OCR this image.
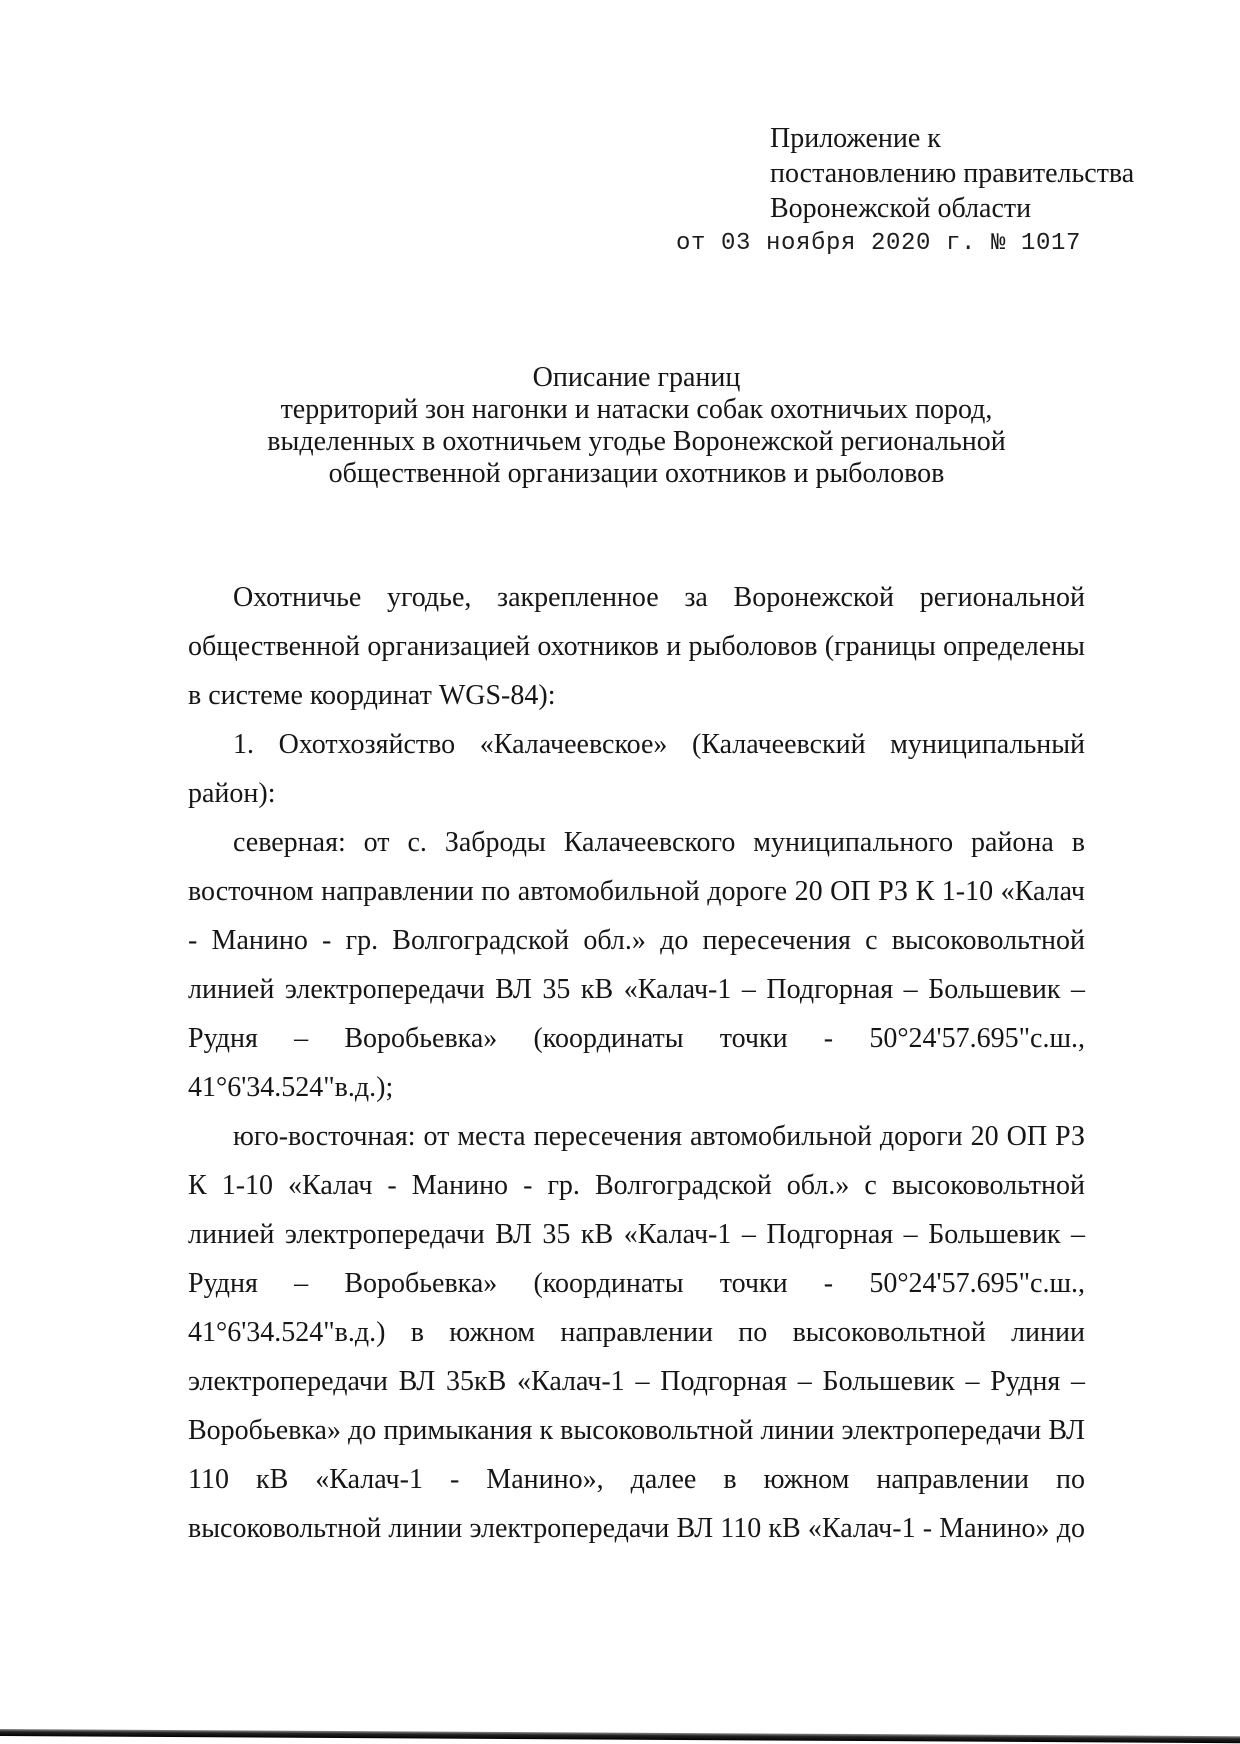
Приложение к
постановлению правительства
Воронежской области
от 03 ноября 2020 г. № 1017
Описание границ
территорий зон нагонки и натаски собак охотничьих пород,
выделенных в охотничьем угодье Воронежской региональной
общественной организации охотников и рыболовов

Охотничье угодье, закрепленное за Воронежской региональной общественной организацией охотников и рыболовов (границы определены в системе координат WGS-84):

1. Охотхозяйство «Калачеевское» (Калачеевский муниципальный район):

северная: от с. Заброды Калачеевского муниципального района в восточном направлении по автомобильной дороге 20 ОП РЗ К 1-10 «Калач - Манино - гр. Волгоградской обл.» до пересечения с высоковольтной линией электропередачи ВЛ 35 кВ «Калач-1 – Подгорная – Большевик – Рудня – Воробьевка» (координаты точки - 50°24'57.695"с.ш., 41°6'34.524"в.д.);

юго-восточная: от места пересечения автомобильной дороги 20 ОП РЗ К 1-10 «Калач - Манино - гр. Волгоградской обл.» с высоковольтной линией электропередачи ВЛ 35 кВ «Калач-1 – Подгорная – Большевик – Рудня – Воробьевка» (координаты точки - 50°24'57.695"с.ш., 41°6'34.524"в.д.) в южном направлении по высоковольтной линии электропередачи ВЛ 35кВ «Калач-1 – Подгорная – Большевик – Рудня – Воробьевка» до примыкания к высоковольтной линии электропередачи ВЛ 110 кВ «Калач-1 - Манино», далее в южном направлении по высоковольтной линии электропередачи ВЛ 110 кВ «Калач-1 - Манино» до
